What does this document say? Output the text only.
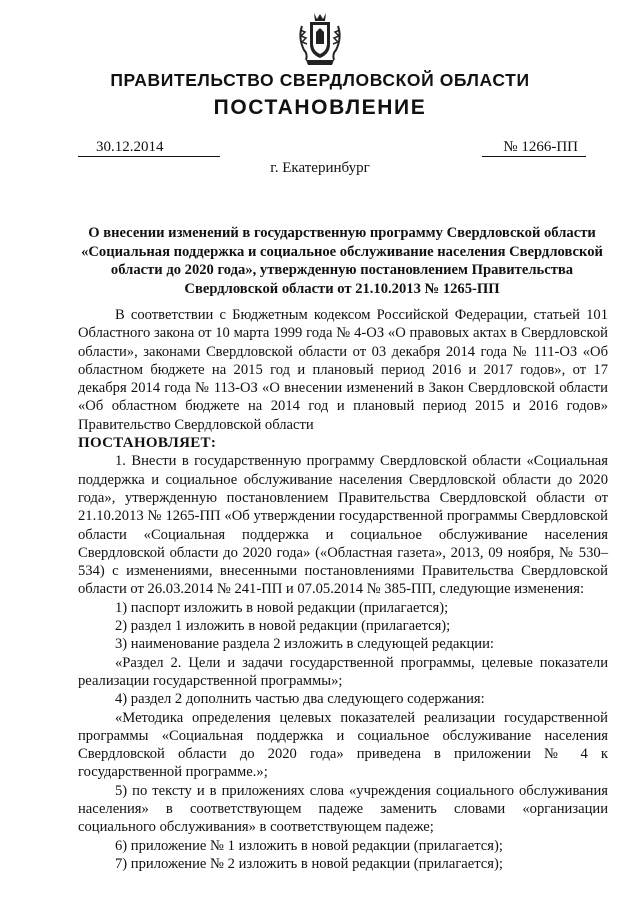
ПРАВИТЕЛЬСТВО СВЕРДЛОВСКОЙ ОБЛАСТИ
ПОСТАНОВЛЕНИЕ
30.12.2014	№ 1266-ПП
г. Екатеринбург
О внесении изменений в государственную программу Свердловской области «Социальная поддержка и социальное обслуживание населения Свердловской области до 2020 года», утвержденную постановлением Правительства Свердловской области от 21.10.2013 № 1265-ПП

В соответствии с Бюджетным кодексом Российской Федерации, статьей 101 Областного закона от 10 марта 1999 года № 4-ОЗ «О правовых актах в Свердловской области», законами Свердловской области от 03 декабря 2014 года № 111-ОЗ «Об областном бюджете на 2015 год и плановый период 2016 и 2017 годов», от 17 декабря 2014 года № 113-ОЗ «О внесении изменений в Закон Свердловской области «Об областном бюджете на 2014 год и плановый период 2015 и 2016 годов» Правительство Свердловской области

ПОСТАНОВЛЯЕТ:

1. Внести в государственную программу Свердловской области «Социальная поддержка и социальное обслуживание населения Свердловской области до 2020 года», утвержденную постановлением Правительства Свердловской области от 21.10.2013 № 1265-ПП «Об утверждении государственной программы Свердловской области «Социальная поддержка и социальное обслуживание населения Свердловской области до 2020 года» («Областная газета», 2013, 09 ноября, № 530–534) с изменениями, внесенными постановлениями Правительства Свердловской области от 26.03.2014 № 241-ПП и 07.05.2014 № 385-ПП, следующие изменения:

1) паспорт изложить в новой редакции (прилагается);

2) раздел 1 изложить в новой редакции (прилагается);

3) наименование раздела 2 изложить в следующей редакции:

«Раздел 2. Цели и задачи государственной программы, целевые показатели реализации государственной программы»;

4) раздел 2 дополнить частью два следующего содержания:

«Методика определения целевых показателей реализации государственной программы «Социальная поддержка и социальное обслуживание населения Свердловской области до 2020 года» приведена в приложении № 4 к государственной программе.»;

5) по тексту и в приложениях слова «учреждения социального обслуживания населения» в соответствующем падеже заменить словами «организации социального обслуживания» в соответствующем падеже;

6) приложение № 1 изложить в новой редакции (прилагается);

7) приложение № 2 изложить в новой редакции (прилагается);
